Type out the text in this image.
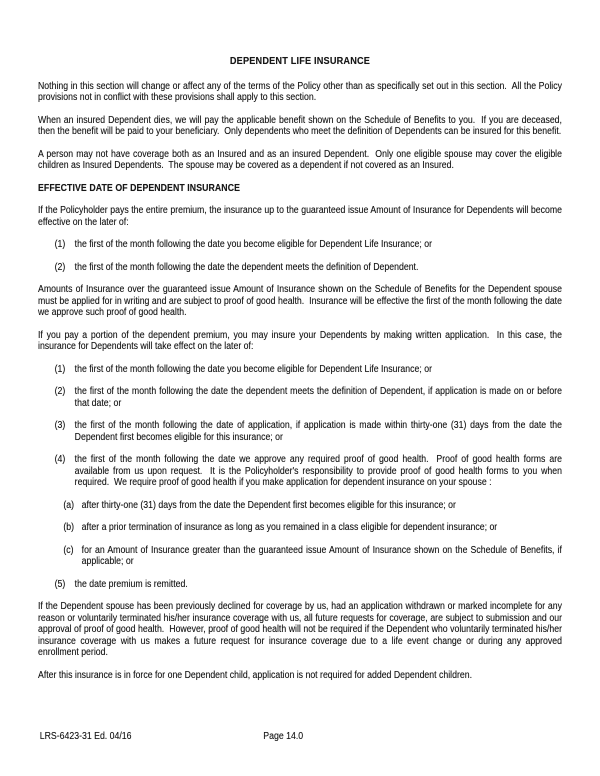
DEPENDENT LIFE INSURANCE

Nothing in this section will change or affect any of the terms of the Policy other than as specifically set out in this section.  All the Policy provisions not in conflict with these provisions shall apply to this section.

When an insured Dependent dies, we will pay the applicable benefit shown on the Schedule of Benefits to you.  If you are deceased, then the benefit will be paid to your beneficiary.  Only dependents who meet the definition of Dependents can be insured for this benefit.

A person may not have coverage both as an Insured and as an insured Dependent.  Only one eligible spouse may cover the eligible children as Insured Dependents.  The spouse may be covered as a dependent if not covered as an Insured.

EFFECTIVE DATE OF DEPENDENT INSURANCE

If the Policyholder pays the entire premium, the insurance up to the guaranteed issue Amount of Insurance for Dependents will become effective on the later of:

(1) the first of the month following the date you become eligible for Dependent Life Insurance; or
(2) the first of the month following the date the dependent meets the definition of Dependent.

Amounts of Insurance over the guaranteed issue Amount of Insurance shown on the Schedule of Benefits for the Dependent spouse must be applied for in writing and are subject to proof of good health.  Insurance will be effective the first of the month following the date we approve such proof of good health.

If you pay a portion of the dependent premium, you may insure your Dependents by making written application.  In this case, the insurance for Dependents will take effect on the later of:

(1) the first of the month following the date you become eligible for Dependent Life Insurance; or
(2) the first of the month following the date the dependent meets the definition of Dependent, if application is made on or before that date; or
(3) the first of the month following the date of application, if application is made within thirty-one (31) days from the date the Dependent first becomes eligible for this insurance; or
(4) the first of the month following the date we approve any required proof of good health.  Proof of good health forms are available from us upon request.  It is the Policyholder's responsibility to provide proof of good health forms to you when required.  We require proof of good health if you make application for dependent insurance on your spouse :
(a) after thirty-one (31) days from the date the Dependent first becomes eligible for this insurance; or
(b) after a prior termination of insurance as long as you remained in a class eligible for dependent insurance; or
(c) for an Amount of Insurance greater than the guaranteed issue Amount of Insurance shown on the Schedule of Benefits, if applicable; or
(5) the date premium is remitted.

If the Dependent spouse has been previously declined for coverage by us, had an application withdrawn or marked incomplete for any reason or voluntarily terminated his/her insurance coverage with us, all future requests for coverage, are subject to submission and our approval of proof of good health.  However, proof of good health will not be required if the Dependent who voluntarily terminated his/her insurance coverage with us makes a future request for insurance coverage due to a life event change or during any approved enrollment period.

After this insurance is in force for one Dependent child, application is not required for added Dependent children.

LRS-6423-31 Ed. 04/16	Page 14.0
